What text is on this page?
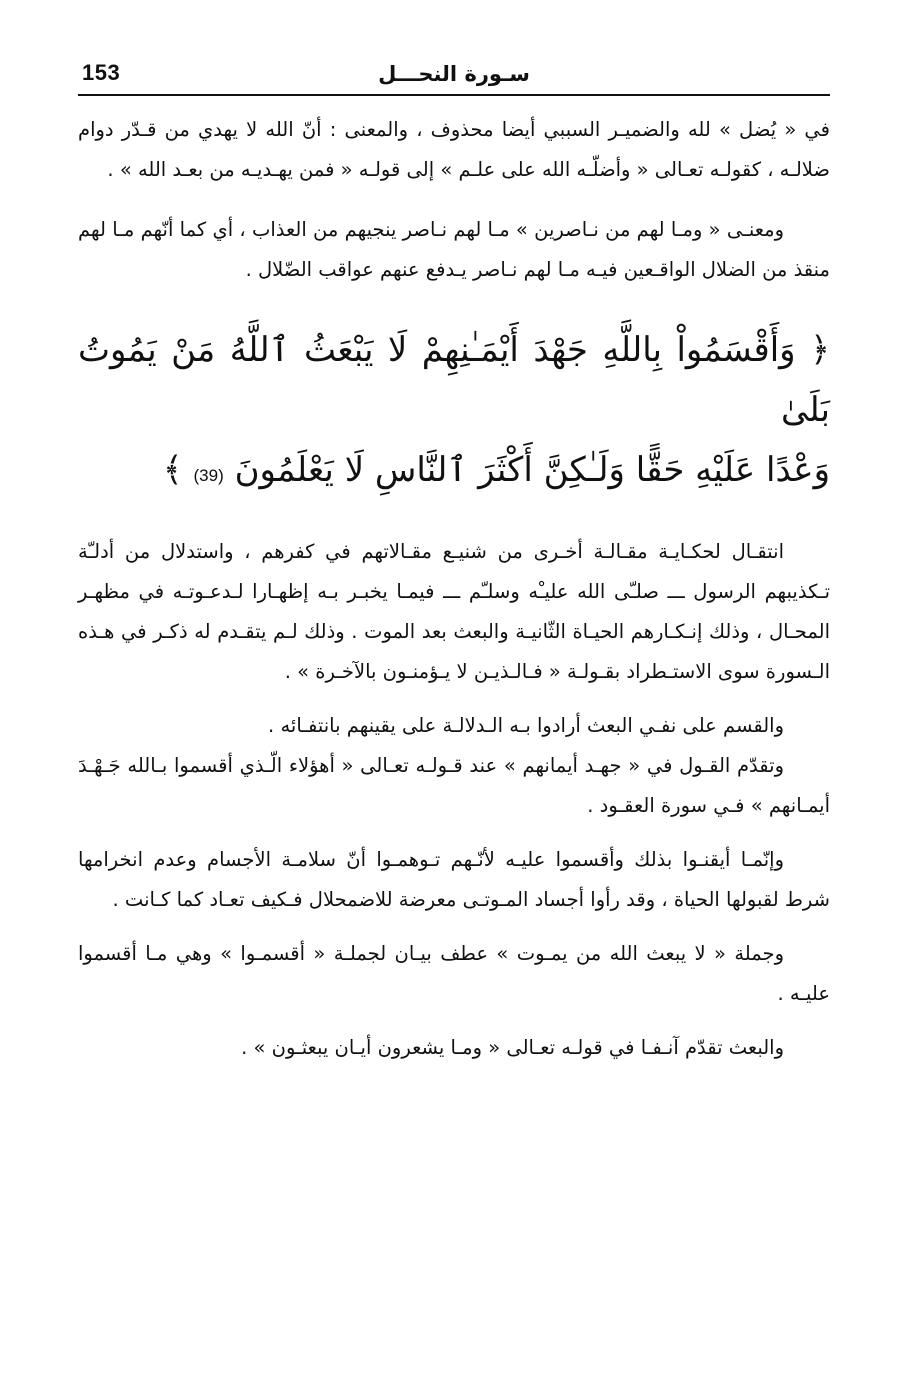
153	سـورة النحـــل

في « يُضل » لله والضميـر السببي أيضا محذوف ، والمعنى : أنّ الله لا يهدي من قـدّر دوام ضلالـه ، كقولـه تعـالى « وأضلّـه الله على علـم » إلى قولـه « فمن يهـديـه من بعـد الله » .

ومعنـى « ومـا لهم من نـاصرين » مـا لهم نـاصر ينجيهم من العذاب ، أي كما أنّهم مـا لهم منقذ من الضلال الواقـعين فيـه مـا لهم نـاصر يـدفع عنهم عواقب الضّلال .

﴿ وَأَقْسَمُواْ بِاللَّهِ جَهْدَ أَيْمَـٰنِهِمْ لَا يَبْعَثُ ٱللَّهُ مَنْ يَمُوتُ بَلَىٰ
وَعْدًا عَلَيْهِ حَقًّا وَلَـٰكِنَّ أَكْثَرَ ٱلنَّاسِ لَا يَعْلَمُونَ (39) ﴾

انتقـال لحكـايـة مقـالـة أخـرى من شنيـع مقـالاتهم في كفرهم ، واستدلال من أدلـّة تـكذيبهم الرسول ـــ صلـّى الله عليـْه وسلـّم ـــ فيمـا يخبـر بـه إظهـارا لـدعـوتـه في مظهـر المحـال ، وذلك إنـكـارهم الحيـاة الثّانيـة والبعث بعد الموت . وذلك لـم يتقـدم له ذكـر في هـذه الـسورة سوى الاستـطراد بقـولـة « فـالـذيـن لا يـؤمنـون بالآخـرة » .

والقسم على نفـي البعث أرادوا بـه الـدلالـة على يقينهم بانتفـائه .

وتقدّم القـول في « جهـد أيمانهم » عند قـولـه تعـالى « أهؤلاء الّـذي أقسموا بـالله جَـهْـدَ أيمـانهم » فـي سورة العقـود .

وإنّمـا أيقنـوا بذلك وأقسموا عليـه لأنّـهم تـوهمـوا أنّ سلامـة الأجسام وعدم انخرامها شرط لقبولها الحياة ، وقد رأوا أجساد المـوتـى معرضة للاضمحلال فـكيف تعـاد كما كـانت .

وجملة « لا يبعث الله من يمـوت » عطف بيـان لجملـة « أقسمـوا » وهي مـا أقسموا عليـه .

والبعث تقدّم آنـفـا في قولـه تعـالى « ومـا يشعرون أيـان يبعثـون » .
